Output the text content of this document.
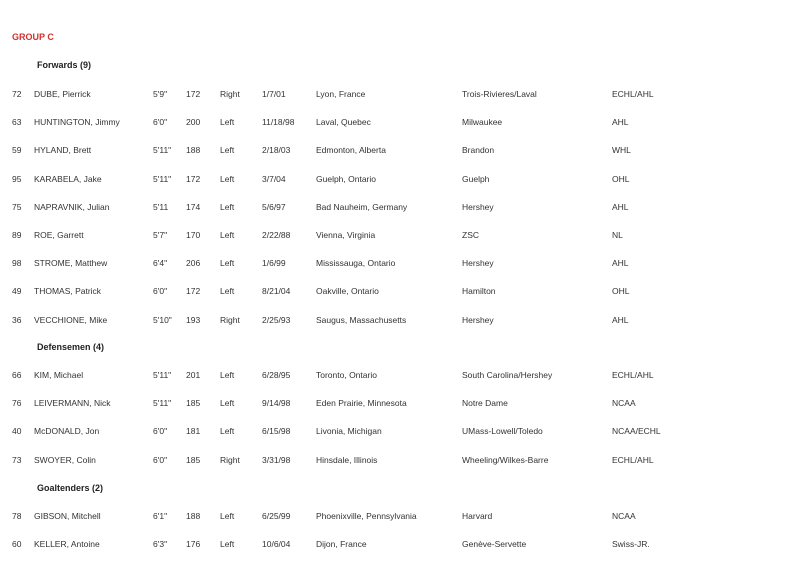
GROUP C
Forwards (9)
72 DUBE, Pierrick	5'9" 172 Right	1/7/01	Lyon, France	Trois-Rivieres/Laval	ECHL/AHL
63 HUNTINGTON, Jimmy	6'0" 200 Left	11/18/98	Laval, Quebec	Milwaukee	AHL
59 HYLAND, Brett	5'11" 188 Left	2/18/03	Edmonton, Alberta	Brandon	WHL
95 KARABELA, Jake	5'11" 172 Left	3/7/04	Guelph, Ontario	Guelph	OHL
75 NAPRAVNIK, Julian	5'11 174 Left	5/6/97	Bad Nauheim, Germany	Hershey	AHL
89 ROE, Garrett	5'7" 170 Left	2/22/88	Vienna, Virginia	ZSC	NL
98 STROME, Matthew	6'4" 206 Left	1/6/99	Mississauga, Ontario	Hershey	AHL
49 THOMAS, Patrick	6'0" 172 Left	8/21/04	Oakville, Ontario	Hamilton	OHL
36 VECCHIONE, Mike	5'10" 193 Right	2/25/93	Saugus, Massachusetts	Hershey	AHL
Defensemen (4)
66 KIM, Michael	5'11" 201 Left	6/28/95	Toronto, Ontario	South Carolina/Hershey	ECHL/AHL
76 LEIVERMANN, Nick	5'11" 185 Left	9/14/98	Eden Prairie, Minnesota	Notre Dame	NCAA
40 McDONALD, Jon	6'0" 181 Left	6/15/98	Livonia, Michigan	UMass-Lowell/Toledo	NCAA/ECHL
73 SWOYER, Colin	6'0" 185 Right	3/31/98	Hinsdale, Illinois	Wheeling/Wilkes-Barre	ECHL/AHL
Goaltenders (2)
78 GIBSON, Mitchell	6'1" 188 Left	6/25/99	Phoenixville, Pennsylvania	Harvard	NCAA
60 KELLER, Antoine	6'3" 176 Left	10/6/04	Dijon, France	Genève-Servette	Swiss-JR.
